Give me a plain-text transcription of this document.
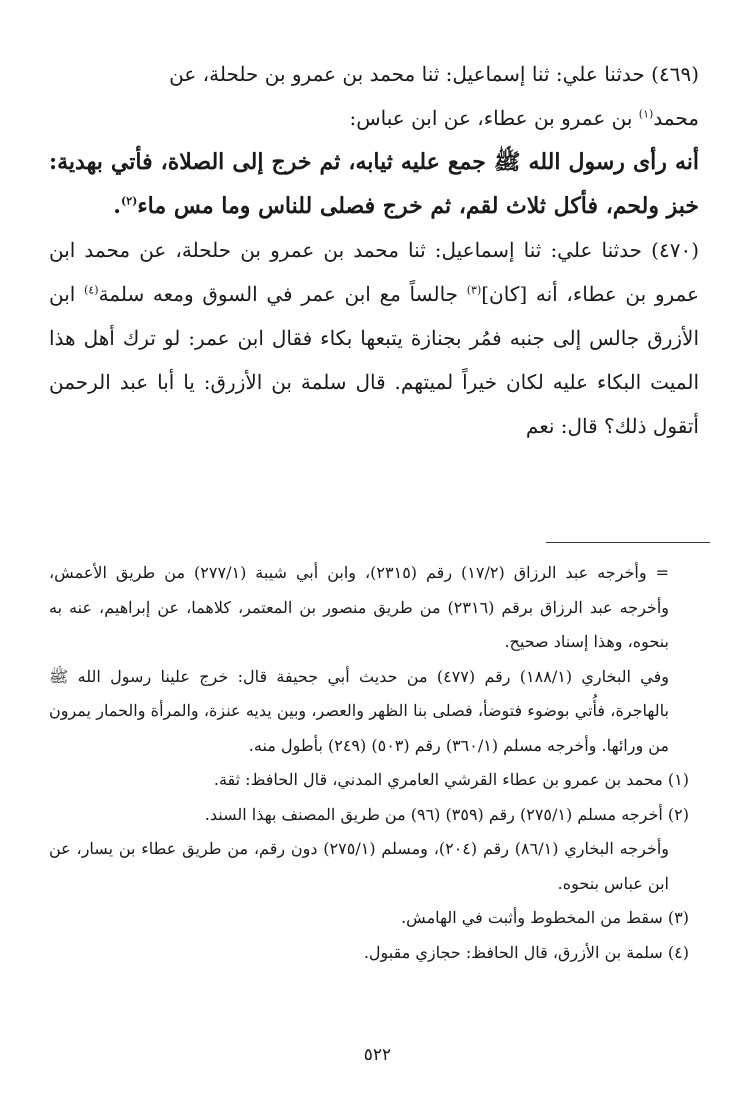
(٤٦٩) حدثنا علي: ثنا إسماعيل: ثنا محمد بن عمرو بن حلحلة، عن
محمد$^{(١)}$ بن عمرو بن عطاء، عن ابن عباس:

أنه رأى رسول الله ﷺ جمع عليه ثيابه، ثم خرج إلى الصلاة، فأتي بهدية: خبز ولحم، فأكل ثلاث لقم، ثم خرج فصلى للناس وما مس ماء$^{(٢)}$.

(٤٧٠) حدثنا علي: ثنا إسماعيل: ثنا محمد بن عمرو بن حلحلة، عن محمد ابن عمرو بن عطاء، أنه [كان]$^{(٣)}$ جالساً مع ابن عمر في السوق ومعه سلمة$^{(٤)}$ ابن الأزرق جالس إلى جنبه فمُر بجنازة يتبعها بكاء فقال ابن عمر: لو ترك أهل هذا الميت البكاء عليه لكان خيراً لميتهم. قال سلمة بن الأزرق: يا أبا عبد الرحمن أتقول ذلك؟ قال: نعم

= وأخرجه عبد الرزاق (١٧/٢) رقم (٢٣١٥)، وابن أبي شيبة (٢٧٧/١) من طريق الأعمش، وأخرجه عبد الرزاق برقم (٢٣١٦) من طريق منصور بن المعتمر، كلاهما، عن إبراهيم، عنه به بنحوه، وهذا إسناد صحيح.

وفي البخاري (١٨٨/١) رقم (٤٧٧) من حديث أبي جحيفة قال: خرج علينا رسول الله ﷺ بالهاجرة، فأُتي بوضوء فتوضأ، فصلى بنا الظهر والعصر، وبين يديه عنزة، والمرأة والحمار يمرون من ورائها. وأخرجه مسلم (٣٦٠/١) رقم (٥٠٣) (٢٤٩) بأطول منه.

(١) محمد بن عمرو بن عطاء القرشي العامري المدني، قال الحافظ: ثقة.

(٢) أخرجه مسلم (٢٧٥/١) رقم (٣٥٩) (٩٦) من طريق المصنف بهذا السند.

وأخرجه البخاري (٨٦/١) رقم (٢٠٤)، ومسلم (٢٧٥/١) دون رقم، من طريق عطاء بن يسار، عن ابن عباس بنحوه.

(٣) سقط من المخطوط وأثبت في الهامش.

(٤) سلمة بن الأزرق، قال الحافظ: حجازي مقبول.

٥٢٢
